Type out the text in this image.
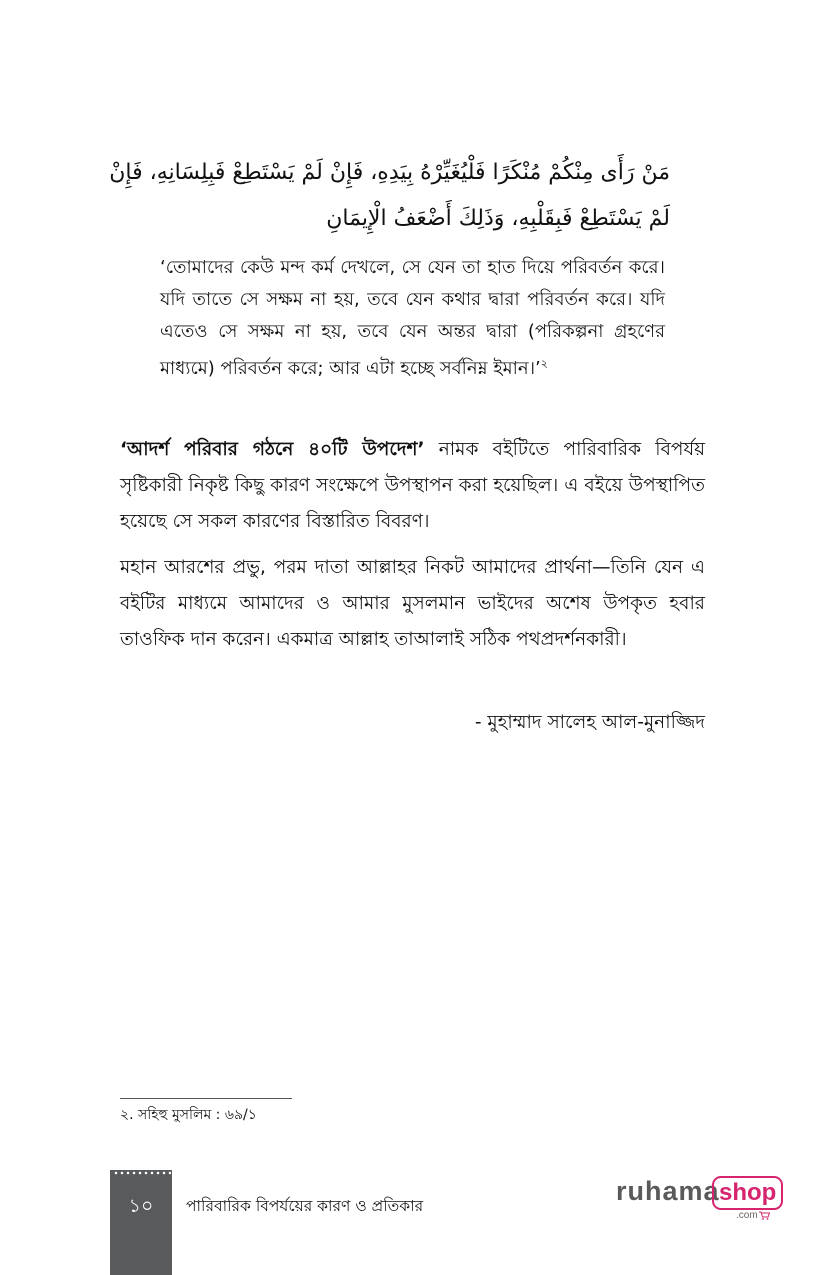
مَنْ رَأَى مِنْكُمْ مُنْكَرًا فَلْيُغَيِّرْهُ بِيَدِهِ، فَإِنْ لَمْ يَسْتَطِعْ فَبِلِسَانِهِ، فَإِنْ
لَمْ يَسْتَطِعْ فَبِقَلْبِهِ، وَذَلِكَ أَضْعَفُ الْإِيمَانِ
‘তোমাদের কেউ মন্দ কর্ম দেখলে, সে যেন তা হাত দিয়ে পরিবর্তন করে। যদি তাতে সে সক্ষম না হয়, তবে যেন কথার দ্বারা পরিবর্তন করে। যদি এতেও সে সক্ষম না হয়, তবে যেন অন্তর দ্বারা (পরিকল্পনা গ্রহণের মাধ্যমে) পরিবর্তন করে; আর এটা হচ্ছে সর্বনিম্ন ইমান।’$^২$
‘আদর্শ পরিবার গঠনে ৪০টি উপদেশ’ নামক বইটিতে পারিবারিক বিপর্যয় সৃষ্টিকারী নিকৃষ্ট কিছু কারণ সংক্ষেপে উপস্থাপন করা হয়েছিল। এ বইয়ে উপস্থাপিত হয়েছে সে সকল কারণের বিস্তারিত বিবরণ।
মহান আরশের প্রভু, পরম দাতা আল্লাহর নিকট আমাদের প্রার্থনা—তিনি যেন এ বইটির মাধ্যমে আমাদের ও আমার মুসলমান ভাইদের অশেষ উপকৃত হবার তাওফিক দান করেন। একমাত্র আল্লাহ তাআলাই সঠিক পথপ্রদর্শনকারী।
- মুহাম্মাদ সালেহ আল-মুনাজ্জিদ
২. সহিহু মুসলিম : ৬৯/১
১০	পারিবারিক বিপর্যয়ের কারণ ও প্রতিকার	ruhama shop
.com
